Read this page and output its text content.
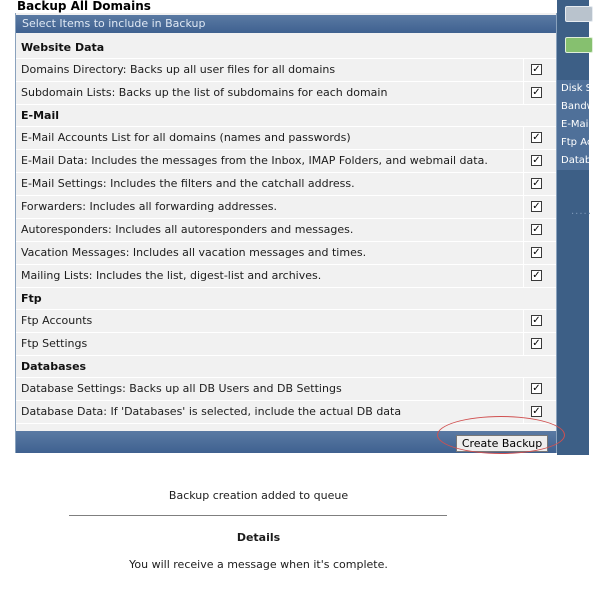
Disk S
Bandw
E-Mail
Ftp Ac
Datab
.....
Backup All Domains
Select Items to include in Backup
Website Data
Domains Directory: Backs up all user files for all domains	✓
Subdomain Lists: Backs up the list of subdomains for each domain	✓
E-Mail
E-Mail Accounts List for all domains (names and passwords)	✓
E-Mail Data: Includes the messages from the Inbox, IMAP Folders, and webmail data.	✓
E-Mail Settings: Includes the filters and the catchall address.	✓
Forwarders: Includes all forwarding addresses.	✓
Autoresponders: Includes all autoresponders and messages.	✓
Vacation Messages: Includes all vacation messages and times.	✓
Mailing Lists: Includes the list, digest-list and archives.	✓
Ftp
Ftp Accounts	✓
Ftp Settings	✓
Databases
Database Settings: Backs up all DB Users and DB Settings	✓
Database Data: If 'Databases' is selected, include the actual DB data	✓
Create Backup
Backup creation added to queue
Details
You will receive a message when it's complete.
